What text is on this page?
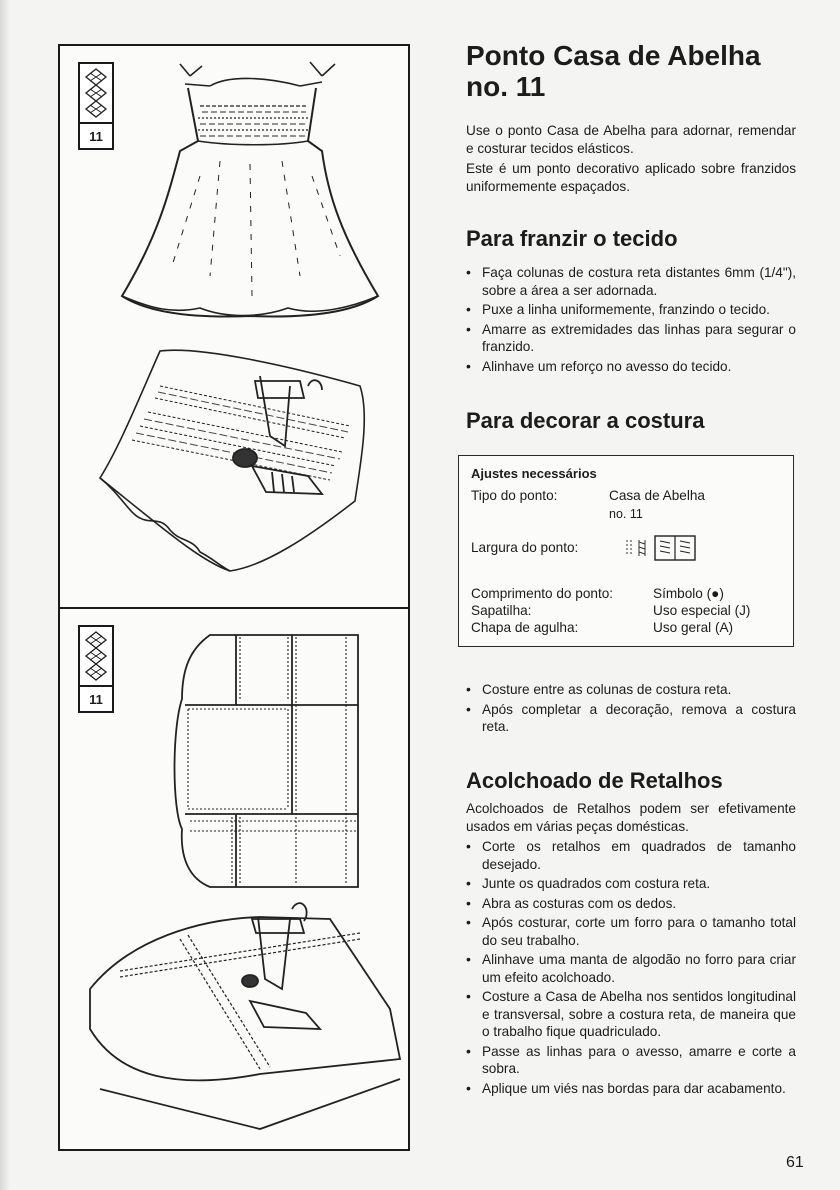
11
11
Ponto Casa de Abelha
no. 11

Use o ponto Casa de Abelha para adornar, remendar e costurar tecidos elásticos.

Este é um ponto decorativo aplicado sobre franzidos uniformemente espaçados.

Para franzir o tecido
• Faça colunas de costura reta distantes 6mm (1/4"), sobre a área a ser adornada.
• Puxe a linha uniformemente, franzindo o tecido.
• Amarre as extremidades das linhas para segurar o franzido.
• Alinhave um reforço no avesso do tecido.
Para decorar a costura
Ajustes necessários
Tipo do ponto:	Casa de Abelha
no. 11
Largura do ponto:
Comprimento do ponto:	Símbolo (●)
Sapatilha:	Uso especial (J)
Chapa de agulha:	Uso geral (A)
• Costure entre as colunas de costura reta.
• Após completar a decoração, remova a costura reta.
Acolchoado de Retalhos

Acolchoados de Retalhos podem ser efetivamente usados em várias peças domésticas.

• Corte os retalhos em quadrados de tamanho desejado.
• Junte os quadrados com costura reta.
• Abra as costuras com os dedos.
• Após costurar, corte um forro para o tamanho total do seu trabalho.
• Alinhave uma manta de algodão no forro para criar um efeito acolchoado.
• Costure a Casa de Abelha nos sentidos longitudinal e transversal, sobre a costura reta, de maneira que o trabalho fique quadriculado.
• Passe as linhas para o avesso, amarre e corte a sobra.
• Aplique um viés nas bordas para dar acabamento.
61
